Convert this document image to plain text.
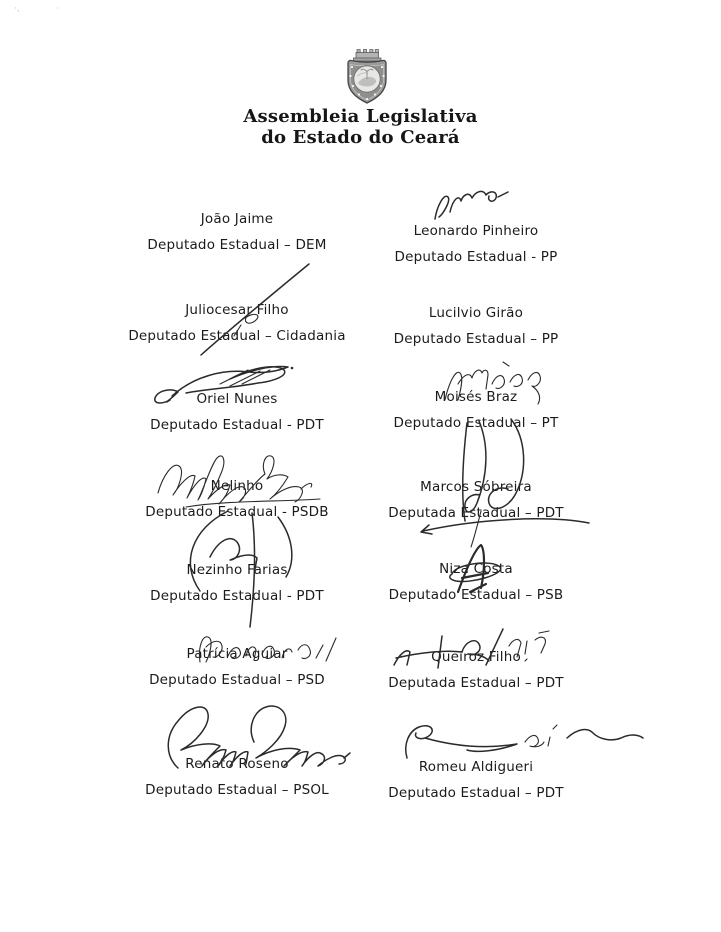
·‚	·
Assembleia Legislativa
do Estado do Ceará
João Jaime
Deputado Estadual – DEM
Juliocesar Filho
Deputado Estadual – Cidadania
Oriel Nunes
Deputado Estadual - PDT
Nelinho
Deputado Estadual - PSDB
Nezinho Farias
Deputado Estadual - PDT
Patrícia Aguiar
Deputado Estadual – PSD
Renato Roseno
Deputado Estadual – PSOL
Leonardo Pinheiro
Deputado Estadual - PP
Lucilvio Girão
Deputado Estadual – PP
Moisés Braz
Deputado Estadual – PT
Marcos Sóbreira
Deputada Estadual – PDT
Niza Costa
Deputado Estadual – PSB
Queiroz Filho
Deputada Estadual – PDT
Romeu Aldigueri
Deputado Estadual – PDT
